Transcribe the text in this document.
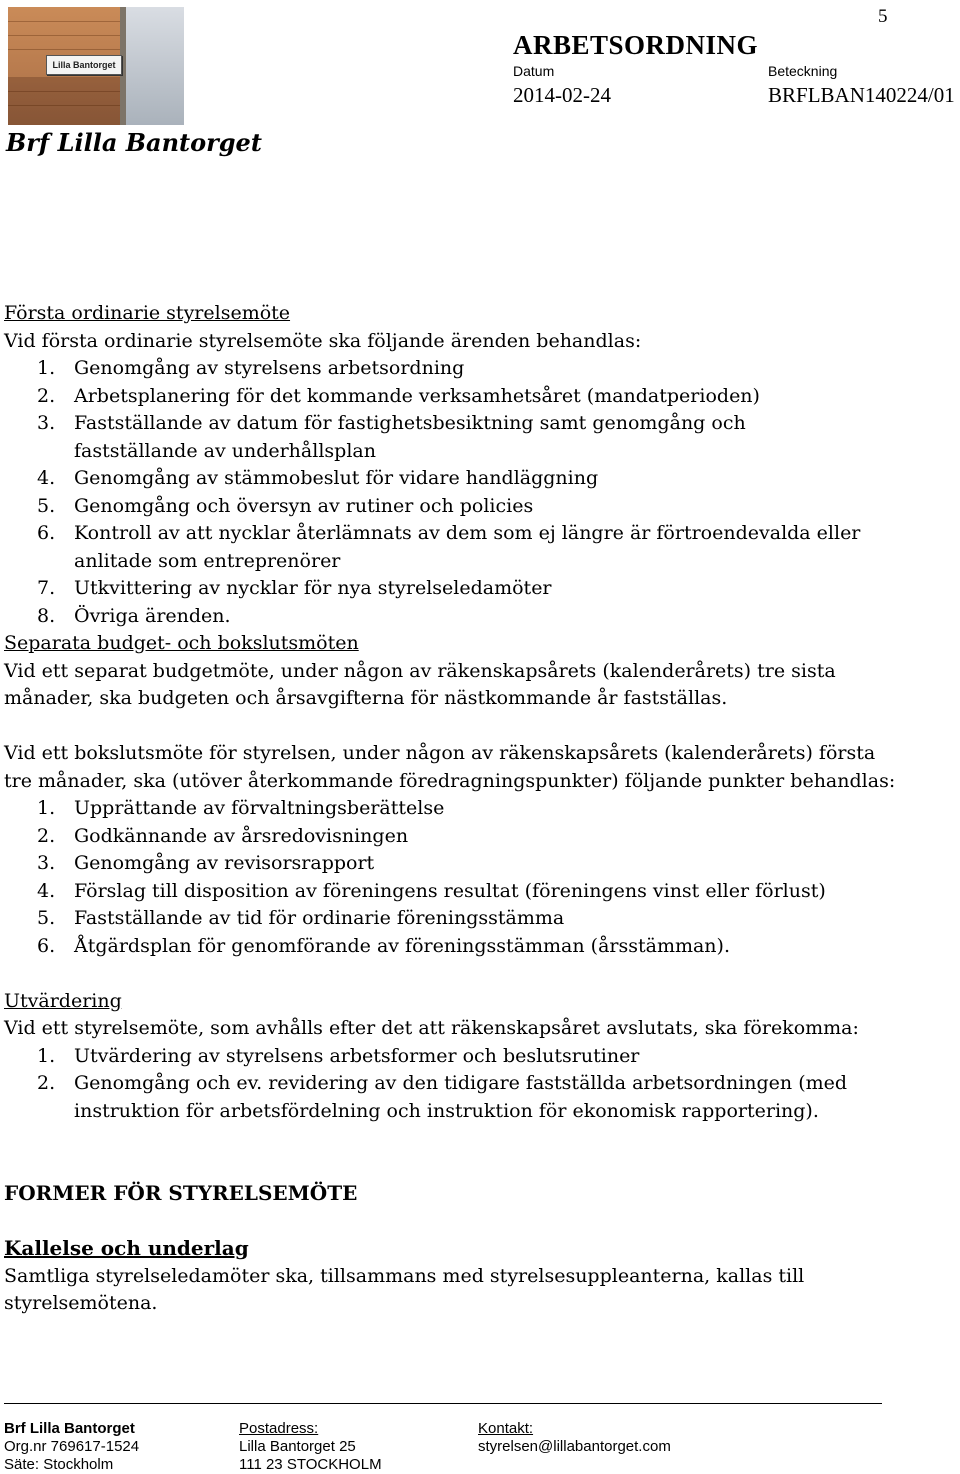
Lilla Bantorget
Brf Lilla Bantorget
5
ARBETSORDNING
Datum
2014-02-24
Beteckning
BRFLBAN140224/01

Första ordinarie styrelsemöte

Vid första ordinarie styrelsemöte ska följande ärenden behandlas:

1. Genomgång av styrelsens arbetsordning
2. Arbetsplanering för det kommande verksamhetsåret (mandatperioden)
3. Fastställande av datum för fastighetsbesiktning samt genomgång och fastställande av underhållsplan
4. Genomgång av stämmobeslut för vidare handläggning
5. Genomgång och översyn av rutiner och policies
6. Kontroll av att nycklar återlämnats av dem som ej längre är förtroendevalda eller anlitade som entreprenörer
7. Utkvittering av nycklar för nya styrelseledamöter
8. Övriga ärenden.

Separata budget- och bokslutsmöten

Vid ett separat budgetmöte, under någon av räkenskapsårets (kalenderårets) tre sista månader, ska budgeten och årsavgifterna för nästkommande år fastställas.

Vid ett bokslutsmöte för styrelsen, under någon av räkenskapsårets (kalenderårets) första tre månader, ska (utöver återkommande föredragningspunkter) följande punkter behandlas:

1. Upprättande av förvaltningsberättelse
2. Godkännande av årsredovisningen
3. Genomgång av revisorsrapport
4. Förslag till disposition av föreningens resultat (föreningens vinst eller förlust)
5. Fastställande av tid för ordinarie föreningsstämma
6. Åtgärdsplan för genomförande av föreningsstämman (årsstämman).

Utvärdering

Vid ett styrelsemöte, som avhålls efter det att räkenskapsåret avslutats, ska förekomma:

1. Utvärdering av styrelsens arbetsformer och beslutsrutiner
2. Genomgång och ev. revidering av den tidigare fastställda arbetsordningen (med instruktion för arbetsfördelning och instruktion för ekonomisk rapportering).

FORMER FÖR STYRELSEMÖTE

Kallelse och underlag

Samtliga styrelseledamöter ska, tillsammans med styrelsesuppleanterna, kallas till styrelsemötena.

Brf Lilla Bantorget
Org.nr 769617-1524
Säte: Stockholm
Postadress:
Lilla Bantorget 25
111 23 STOCKHOLM
Kontakt:
styrelsen@lillabantorget.com
